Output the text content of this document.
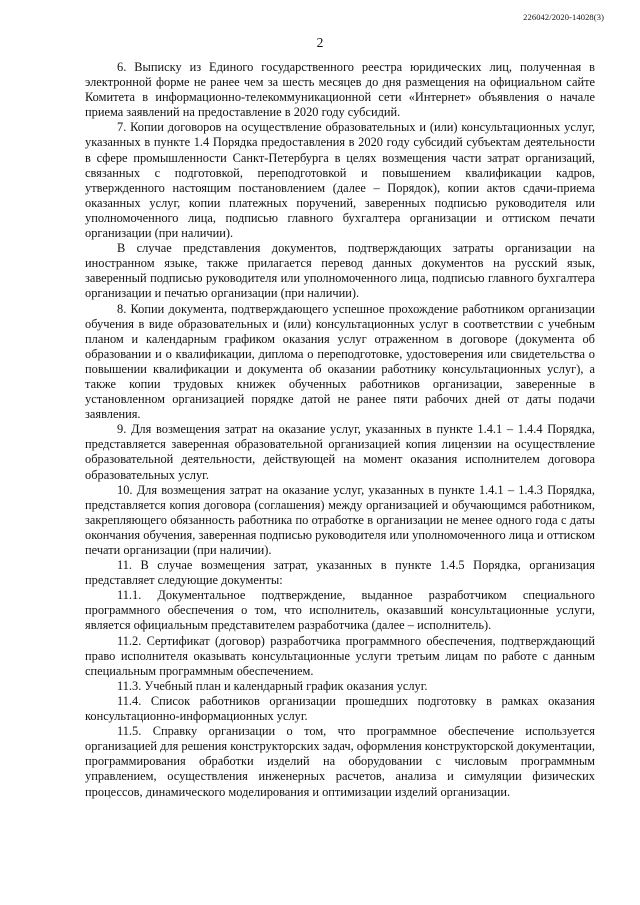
226042/2020-14028(3)
2

6. Выписку из Единого государственного реестра юридических лиц, полученная в электронной форме не ранее чем за шесть месяцев до дня размещения на официальном сайте Комитета в информационно-телекоммуникационной сети «Интернет» объявления о начале приема заявлений на предоставление в 2020 году субсидий.

7. Копии договоров на осуществление образовательных и (или) консультационных услуг, указанных в пункте 1.4 Порядка предоставления в 2020 году субсидий субъектам деятельности в сфере промышленности Санкт-Петербурга в целях возмещения части затрат организаций, связанных с подготовкой, переподготовкой и повышением квалификации кадров, утвержденного настоящим постановлением (далее – Порядок), копии актов сдачи-приема оказанных услуг, копии платежных поручений, заверенных подписью руководителя или уполномоченного лица, подписью главного бухгалтера организации и оттиском печати организации (при наличии).

В случае представления документов, подтверждающих затраты организации на иностранном языке, также прилагается перевод данных документов на русский язык, заверенный подписью руководителя или уполномоченного лица, подписью главного бухгалтера организации и печатью организации (при наличии).

8. Копии документа, подтверждающего успешное прохождение работником организации обучения в виде образовательных и (или) консультационных услуг в соответствии с учебным планом и календарным графиком оказания услуг отраженном в договоре (документа об образовании и о квалификации, диплома о переподготовке, удостоверения или свидетельства о повышении квалификации и документа об оказании работнику консультационных услуг), а также копии трудовых книжек обученных работников организации, заверенные в установленном организацией порядке датой не ранее пяти рабочих дней от даты подачи заявления.

9. Для возмещения затрат на оказание услуг, указанных в пункте 1.4.1 – 1.4.4 Порядка, представляется заверенная образовательной организацией копия лицензии на осуществление образовательной деятельности, действующей на момент оказания исполнителем договора образовательных услуг.

10. Для возмещения затрат на оказание услуг, указанных в пункте 1.4.1 – 1.4.3 Порядка, представляется копия договора (соглашения) между организацией и обучающимся работником, закрепляющего обязанность работника по отработке в организации не менее одного года с даты окончания обучения, заверенная подписью руководителя или уполномоченного лица и оттиском печати организации (при наличии).

11. В случае возмещения затрат, указанных в пункте 1.4.5 Порядка, организация представляет следующие документы:

11.1. Документальное подтверждение, выданное разработчиком специального программного обеспечения о том, что исполнитель, оказавший консультационные услуги, является официальным представителем разработчика (далее – исполнитель).

11.2. Сертификат (договор) разработчика программного обеспечения, подтверждающий право исполнителя оказывать консультационные услуги третьим лицам по работе с данным специальным программным обеспечением.

11.3. Учебный план и календарный график оказания услуг.

11.4. Список работников организации прошедших подготовку в рамках оказания консультационно-информационных услуг.

11.5. Справку организации о том, что программное обеспечение используется организацией для решения конструкторских задач, оформления конструкторской документации, программирования обработки изделий на оборудовании с числовым программным управлением, осуществления инженерных расчетов, анализа и симуляции физических процессов, динамического моделирования и оптимизации изделий организации.
